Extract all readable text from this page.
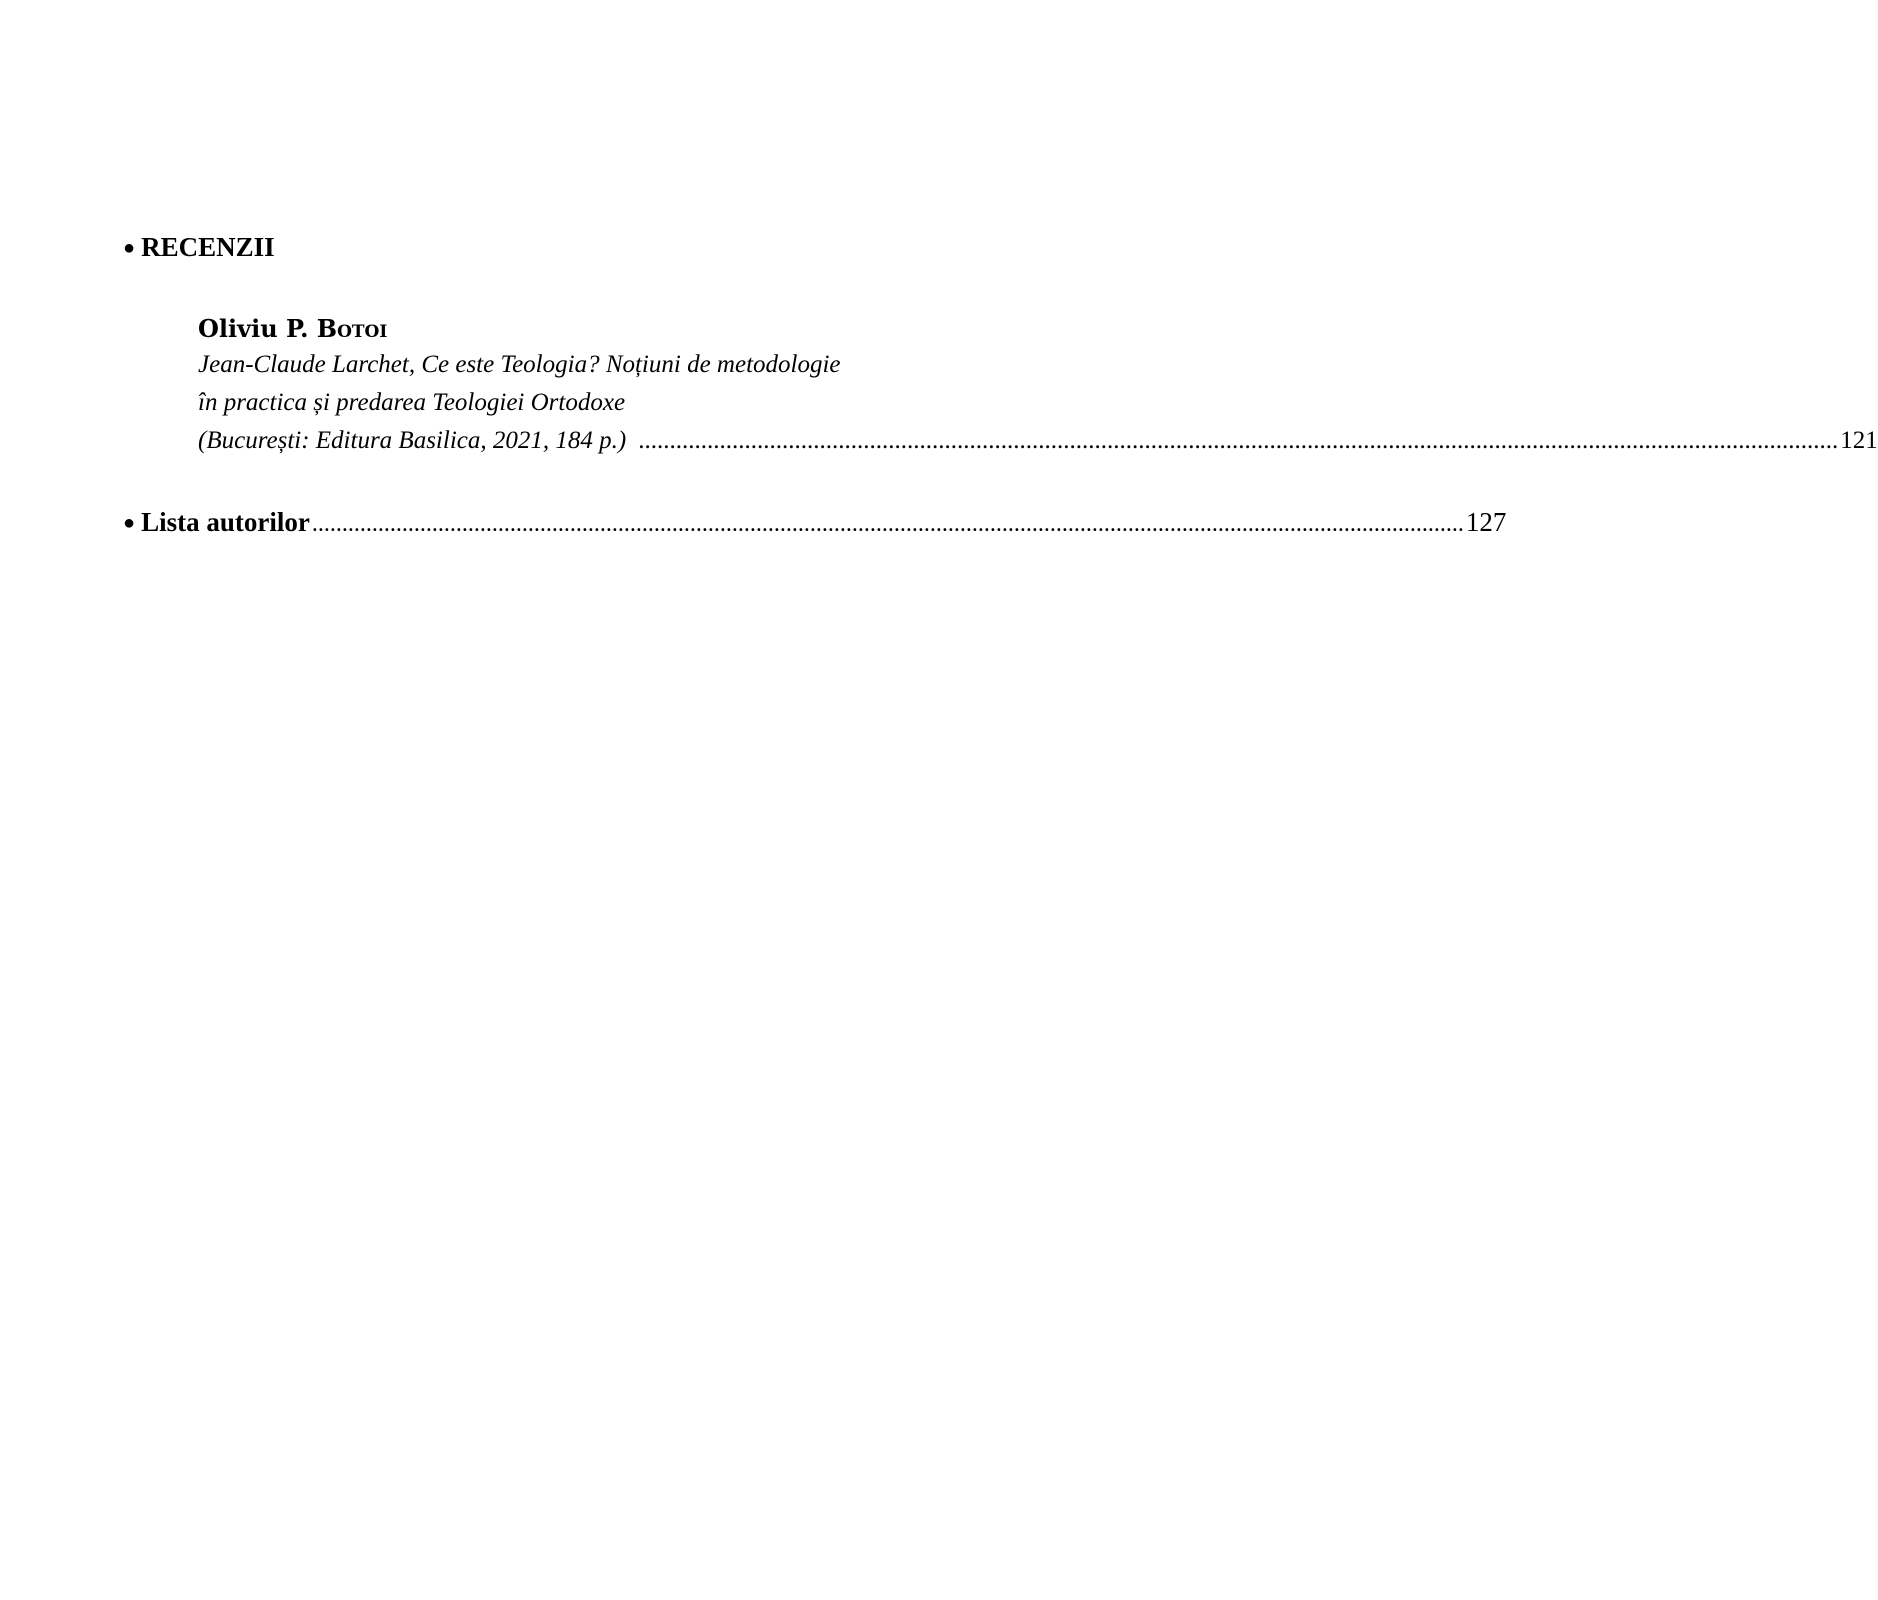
● RECENZII
Oliviu P. Botoi
Jean-Claude Larchet, Ce este Teologia? Noțiuni de metodologie
în practica și predarea Teologiei Ortodoxe
(București: Editura Basilica, 2021, 184 p.) ................................................................................................................................................................................................ 121
● Lista autorilor ................................................................................................................................................................................................ 127
